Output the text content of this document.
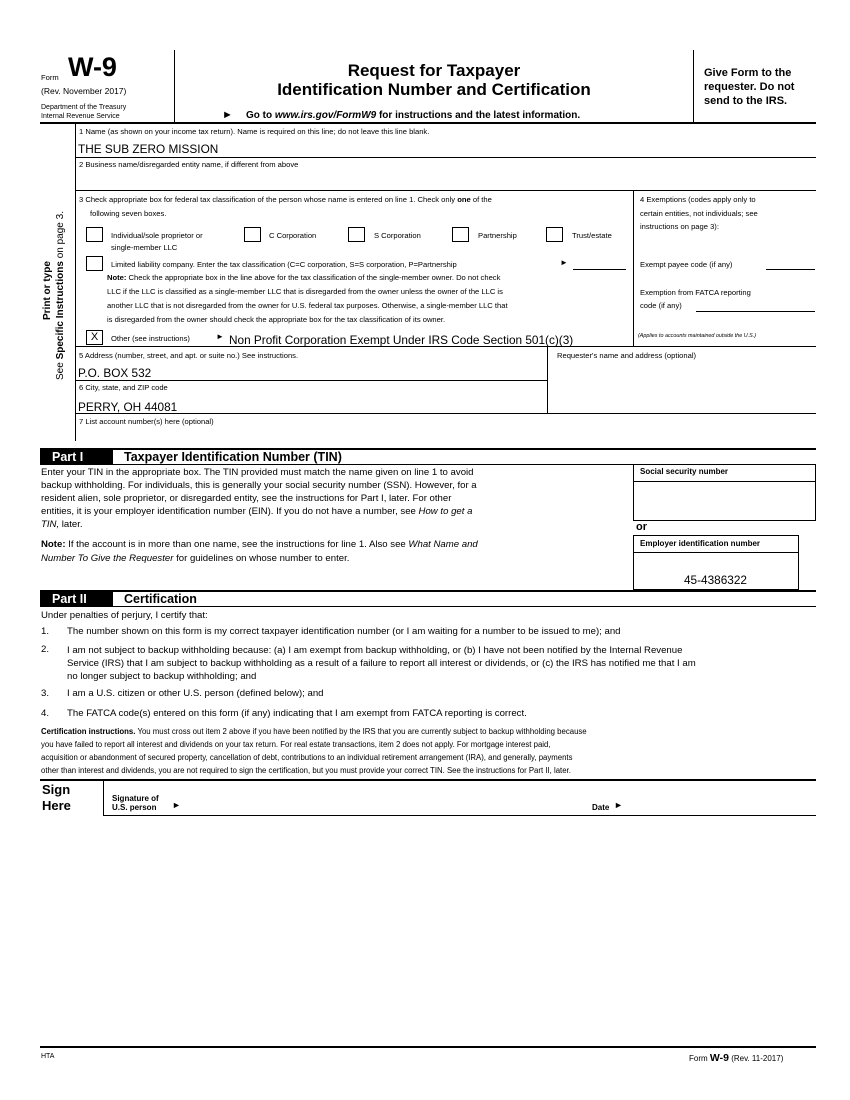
Form W-9
(Rev. November 2017)
Department of the Treasury
Internal Revenue Service
Request for Taxpayer
Identification Number and Certification
► Go to www.irs.gov/FormW9 for instructions and the latest information.
Give Form to the
requester. Do not
send to the IRS.
Print or type
See Specific Instructions on page 3.
1 Name (as shown on your income tax return). Name is required on this line; do not leave this line blank.
THE SUB ZERO MISSION
2 Business name/disregarded entity name, if different from above
3 Check appropriate box for federal tax classification of the person whose name is entered on line 1. Check only one of the
following seven boxes.
Individual/sole proprietor or
single-member LLC
C Corporation	S Corporation	Partnership	Trust/estate
Limited liability company. Enter the tax classification (C=C corporation, S=S corporation, P=Partnership	►
Note: Check the appropriate box in the line above for the tax classification of the single-member owner. Do not check
LLC if the LLC is classified as a single-member LLC that is disregarded from the owner unless the owner of the LLC is
another LLC that is not disregarded from the owner for U.S. federal tax purposes. Otherwise, a single-member LLC that
is disregarded from the owner should check the appropriate box for the tax classification of its owner.
X	Other (see instructions)	► Non Profit Corporation Exempt Under IRS Code Section 501(c)(3)
4 Exemptions (codes apply only to
certain entities, not individuals; see
instructions on page 3):
Exempt payee code (if any)
Exemption from FATCA reporting
code (if any)
(Applies to accounts maintained outside the U.S.)
5 Address (number, street, and apt. or suite no.) See instructions.
P.O. BOX 532
Requester's name and address (optional)
6 City, state, and ZIP code
PERRY, OH 44081
7 List account number(s) here (optional)
Part I	Taxpayer Identification Number (TIN)
Enter your TIN in the appropriate box. The TIN provided must match the name given on line 1 to avoid
backup withholding. For individuals, this is generally your social security number (SSN). However, for a
resident alien, sole proprietor, or disregarded entity, see the instructions for Part I, later. For other
entities, it is your employer identification number (EIN). If you do not have a number, see How to get a
TIN, later.
Note: If the account is in more than one name, see the instructions for line 1. Also see What Name and
Number To Give the Requester for guidelines on whose number to enter.
Social security number
or
Employer identification number
45-4386322
Part II	Certification
Under penalties of perjury, I certify that:
1. The number shown on this form is my correct taxpayer identification number (or I am waiting for a number to be issued to me); and
2. I am not subject to backup withholding because: (a) I am exempt from backup withholding, or (b) I have not been notified by the Internal Revenue
Service (IRS) that I am subject to backup withholding as a result of a failure to report all interest or dividends, or (c) the IRS has notified me that I am
no longer subject to backup withholding; and
3. I am a U.S. citizen or other U.S. person (defined below); and
4. The FATCA code(s) entered on this form (if any) indicating that I am exempt from FATCA reporting is correct.
Certification instructions. You must cross out item 2 above if you have been notified by the IRS that you are currently subject to backup withholding because
you have failed to report all interest and dividends on your tax return. For real estate transactions, item 2 does not apply. For mortgage interest paid,
acquisition or abandonment of secured property, cancellation of debt, contributions to an individual retirement arrangement (IRA), and generally, payments
other than interest and dividends, you are not required to sign the certification, but you must provide your correct TIN. See the instructions for Part II, later.
Sign
Here	Signature of
U.S. person ►	Date ►
HTA	Form W-9 (Rev. 11-2017)
